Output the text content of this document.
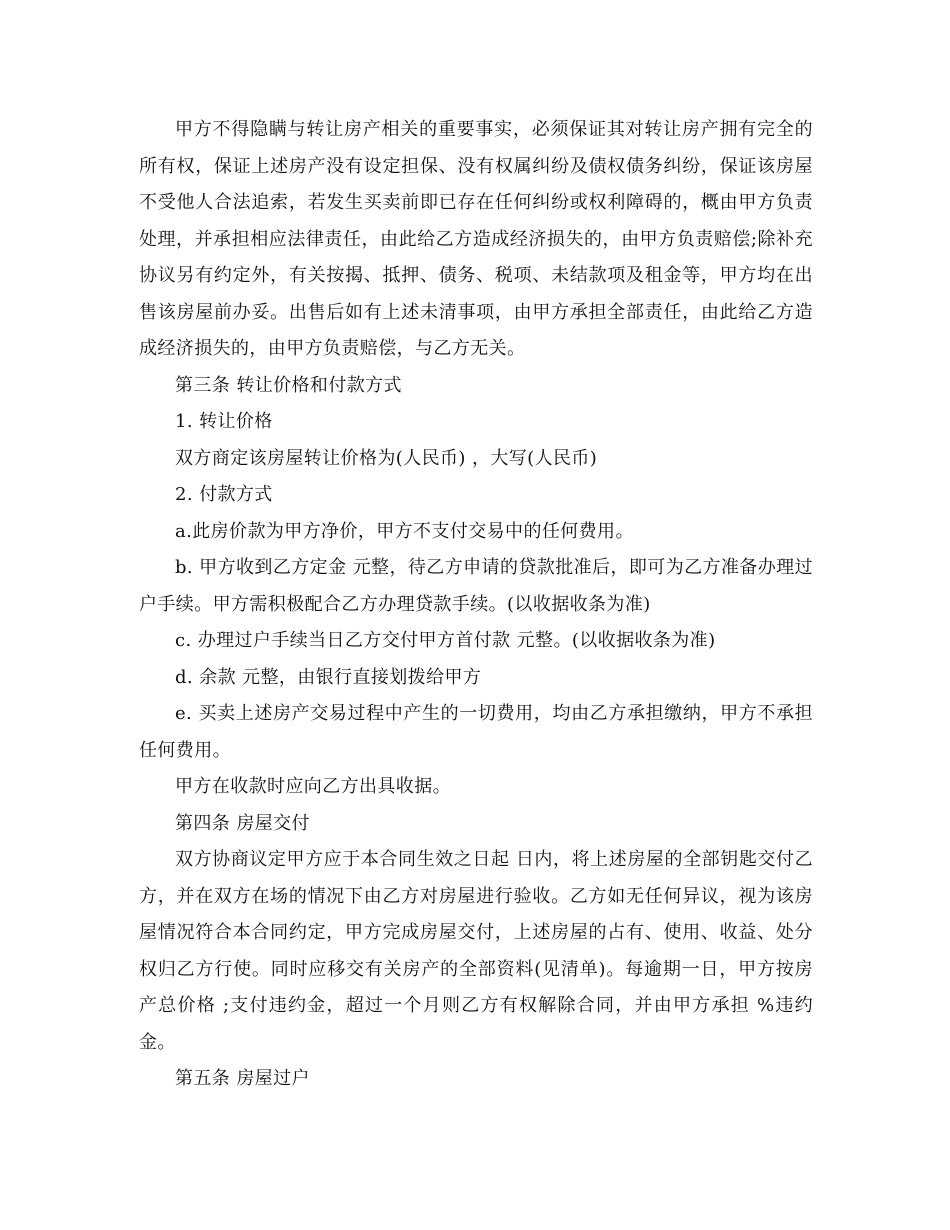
甲方不得隐瞒与转让房产相关的重要事实，必须保证其对转让房产拥有完全的所有权，保证上述房产没有设定担保、没有权属纠纷及债权债务纠纷，保证该房屋不受他人合法追索，若发生买卖前即已存在任何纠纷或权利障碍的，概由甲方负责处理，并承担相应法律责任，由此给乙方造成经济损失的，由甲方负责赔偿;除补充协议另有约定外，有关按揭、抵押、债务、税项、未结款项及租金等，甲方均在出售该房屋前办妥。出售后如有上述未清事项，由甲方承担全部责任，由此给乙方造成经济损失的，由甲方负责赔偿，与乙方无关。

第三条 转让价格和付款方式

1. 转让价格

双方商定该房屋转让价格为(人民币) ，大写(人民币)

2. 付款方式

a.此房价款为甲方净价，甲方不支付交易中的任何费用。

b. 甲方收到乙方定金 元整，待乙方申请的贷款批准后，即可为乙方准备办理过户手续。甲方需积极配合乙方办理贷款手续。(以收据收条为准)

c. 办理过户手续当日乙方交付甲方首付款 元整。(以收据收条为准)

d. 余款 元整，由银行直接划拨给甲方

e. 买卖上述房产交易过程中产生的一切费用，均由乙方承担缴纳，甲方不承担任何费用。

甲方在收款时应向乙方出具收据。

第四条 房屋交付

双方协商议定甲方应于本合同生效之日起 日内，将上述房屋的全部钥匙交付乙方，并在双方在场的情况下由乙方对房屋进行验收。乙方如无任何异议，视为该房屋情况符合本合同约定，甲方完成房屋交付，上述房屋的占有、使用、收益、处分权归乙方行使。同时应移交有关房产的全部资料(见清单)。每逾期一日，甲方按房产总价格 ;支付违约金，超过一个月则乙方有权解除合同，并由甲方承担 %违约金。

第五条 房屋过户
